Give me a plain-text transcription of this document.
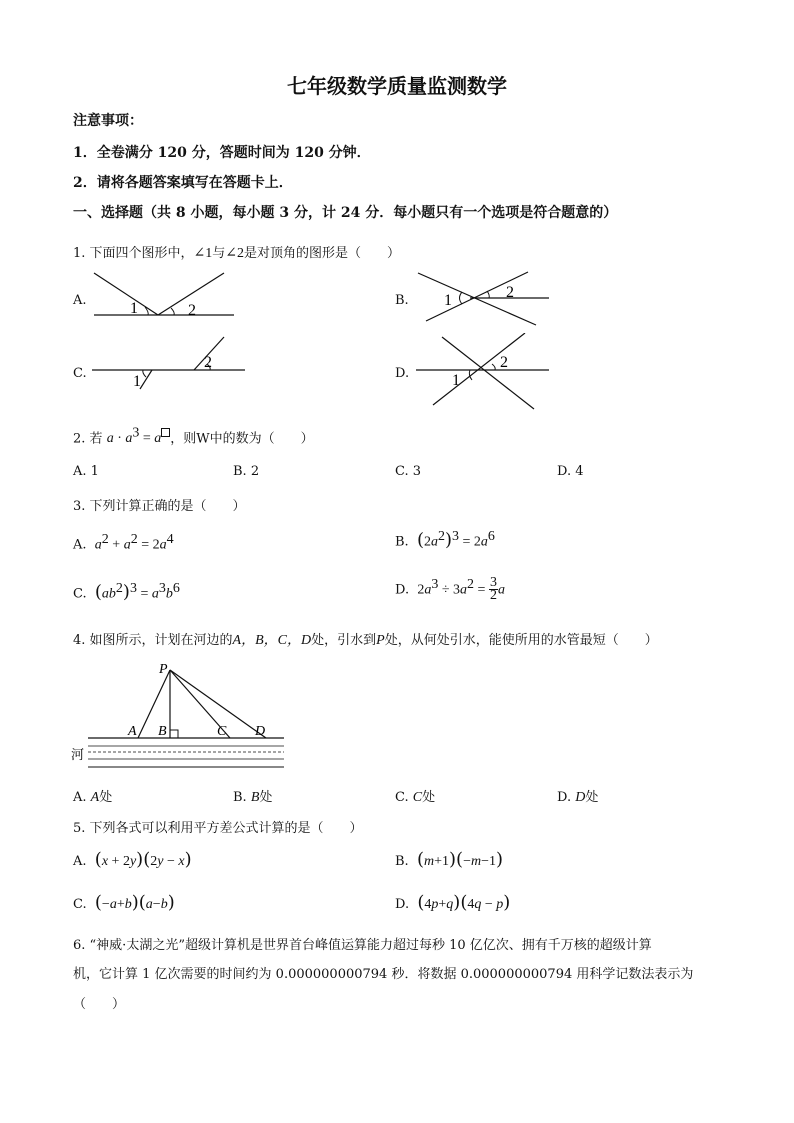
七年级数学质量监测数学
注意事项：
1．全卷满分 120 分，答题时间为 120 分钟．
2．请将各题答案填写在答题卡上．
一、选择题（共 8 小题，每小题 3 分，计 24 分．每小题只有一个选项是符合题意的）
1. 下面四个图形中，∠1与∠2是对顶角的图形是（　　）
A.	1	2
B. 1	2
C.	1
2
D.	1
2
2. 若 $a \cdot a^3 = a$ ，则W中的数为（　　）
A. 1	B. 2	C. 3	D. 4
3. 下列计算正确的是（　　）
A. $a^2 + a^2 = 2a^4$	B. $(2a^2)^3 = 2a^6$
C. $(ab^2)^3 = a^3b^6$	D. $2a^3 \div 3a^2 = \frac{3}{2}$ a
4. 如图所示，计划在河边的A，B，C，D处，引水到P处，从何处引水，能使所用的水管最短（　　）
P
A B	C D
河
A. A处	B. B处	C. C处	D. D处
5. 下列各式可以利用平方差公式计算的是（　　）
A. (x + 2y)(2y − x)	B. (m+1)(−m−1)
C. (−a+b)(a−b)	D. (4p+q)(4q − p)
6. “神威·太湖之光”超级计算机是世界首台峰值运算能力超过每秒 10 亿亿次、拥有千万核的超级计算
机，它计算 1 亿次需要的时间约为 0.000000000794 秒．将数据 0.000000000794 用科学记数法表示为
（　　）
